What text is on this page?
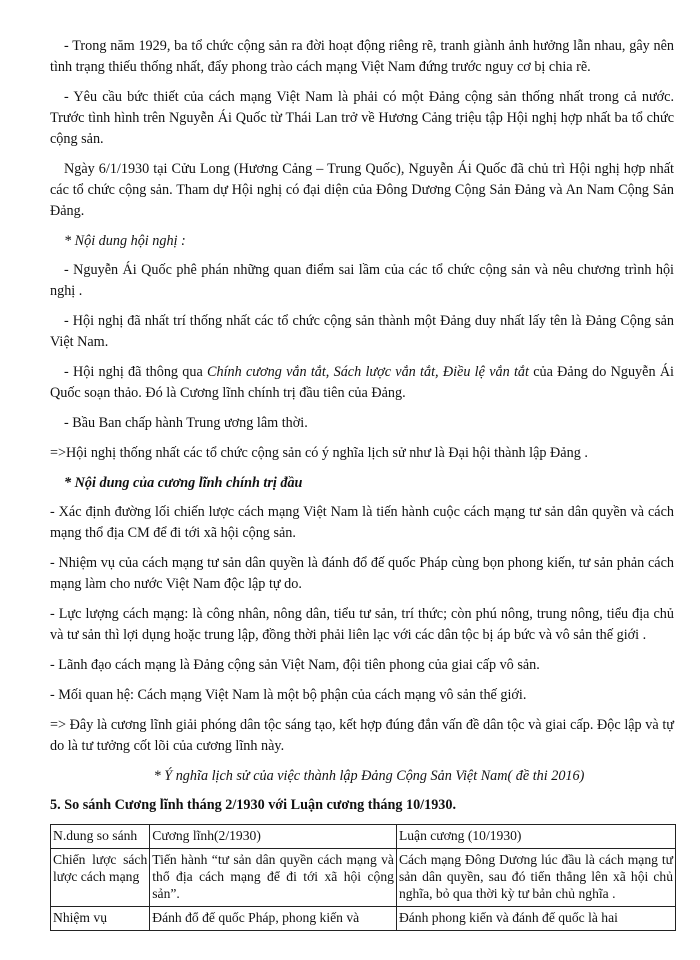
- Trong năm 1929, ba tổ chức cộng sản ra đời hoạt động riêng rẽ, tranh giành ảnh hưởng lẫn nhau, gây nên tình trạng thiếu thống nhất, đẩy phong trào cách mạng Việt Nam đứng trước nguy cơ bị chia rẽ.

- Yêu cầu bức thiết của cách mạng Việt Nam là phải có một Đảng cộng sản thống nhất trong cả nước. Trước tình hình trên Nguyễn Ái Quốc từ Thái Lan trở về Hương Cảng triệu tập Hội nghị hợp nhất ba tổ chức cộng sản.

Ngày 6/1/1930 tại Cửu Long (Hương Cảng – Trung Quốc), Nguyễn Ái Quốc đã chủ trì Hội nghị hợp nhất các tổ chức cộng sản. Tham dự Hội nghị có đại diện của Đông Dương Cộng Sản Đảng và An Nam Cộng Sản Đảng.

* Nội dung hội nghị :

- Nguyễn Ái Quốc phê phán những quan điểm sai lầm của các tổ chức cộng sản và nêu chương trình hội nghị .

- Hội nghị đã nhất trí thống nhất các tổ chức cộng sản thành một Đảng duy nhất lấy tên là Đảng Cộng sản Việt Nam.

- Hội nghị đã thông qua Chính cương vắn tắt, Sách lược vắn tắt, Điều lệ vắn tắt của Đảng do Nguyễn Ái Quốc soạn thảo. Đó là Cương lĩnh chính trị đầu tiên của Đảng.

- Bầu Ban chấp hành Trung ương lâm thời.

=>Hội nghị thống nhất các tổ chức cộng sản có ý nghĩa lịch sử như là Đại hội thành lập Đảng .

* Nội dung của cương lĩnh chính trị đầu

- Xác định đường lối chiến lược cách mạng Việt Nam là tiến hành cuộc cách mạng tư sản dân quyền và cách mạng thổ địa CM để đi tới xã hội cộng sản.

- Nhiệm vụ của cách mạng tư sản dân quyền là đánh đổ đế quốc Pháp cùng bọn phong kiến, tư sản phản cách mạng làm cho nước Việt Nam độc lập tự do.

- Lực lượng cách mạng: là công nhân, nông dân, tiểu tư sản, trí thức; còn phú nông, trung nông, tiểu địa chủ và tư sản thì lợi dụng hoặc trung lập, đồng thời phải liên lạc với các dân tộc bị áp bức và vô sản thế giới .

- Lãnh đạo cách mạng là Đảng cộng sản Việt Nam, đội tiên phong của giai cấp vô sản.

- Mối quan hệ: Cách mạng Việt Nam là một bộ phận của cách mạng vô sản thế giới.

=> Đây là cương lĩnh giải phóng dân tộc sáng tạo, kết hợp đúng đắn vấn đề dân tộc và giai cấp. Độc lập và tự do là tư tưởng cốt lõi của cương lĩnh này.

* Ý nghĩa lịch sử của việc thành lập Đảng Cộng Sản Việt Nam( đề thi 2016)

5. So sánh Cương lĩnh tháng 2/1930 với Luận cương tháng 10/1930.

N.dung so sánh	Cương lĩnh(2/1930)	Luận cương (10/1930)
Chiến lược sách lược cách mạng	Tiến hành “tư sản dân quyền cách mạng và thổ địa cách mạng để đi tới xã hội cộng sản”.	Cách mạng Đông Dương lúc đầu là cách mạng tư sản dân quyền, sau đó tiến thẳng lên xã hội chủ nghĩa, bỏ qua thời kỳ tư bản chủ nghĩa .
Nhiệm vụ	Đánh đổ đế quốc Pháp, phong kiến và	Đánh phong kiến và đánh đế quốc là hai
